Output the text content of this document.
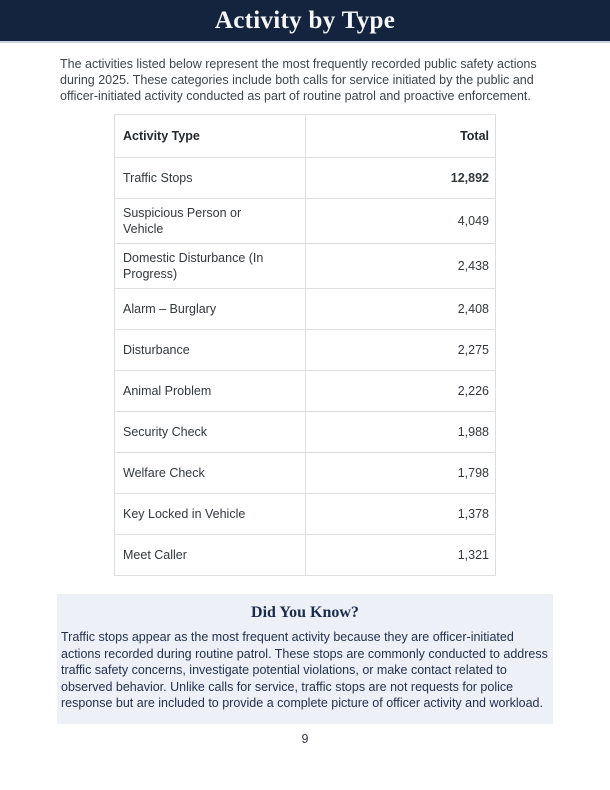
Activity by Type

The activities listed below represent the most frequently recorded public safety actions during 2025. These categories include both calls for service initiated by the public and officer-initiated activity conducted as part of routine patrol and proactive enforcement.

Activity Type	Total
Traffic Stops	12,892
Suspicious Person or Vehicle	4,049
Domestic Disturbance (In Progress)	2,438
Alarm – Burglary	2,408
Disturbance	2,275
Animal Problem	2,226
Security Check	1,988
Welfare Check	1,798
Key Locked in Vehicle	1,378
Meet Caller	1,321
Did You Know?

Traffic stops appear as the most frequent activity because they are officer-initiated actions recorded during routine patrol. These stops are commonly conducted to address traffic safety concerns, investigate potential violations, or make contact related to observed behavior. Unlike calls for service, traffic stops are not requests for police response but are included to provide a complete picture of officer activity and workload.

9
